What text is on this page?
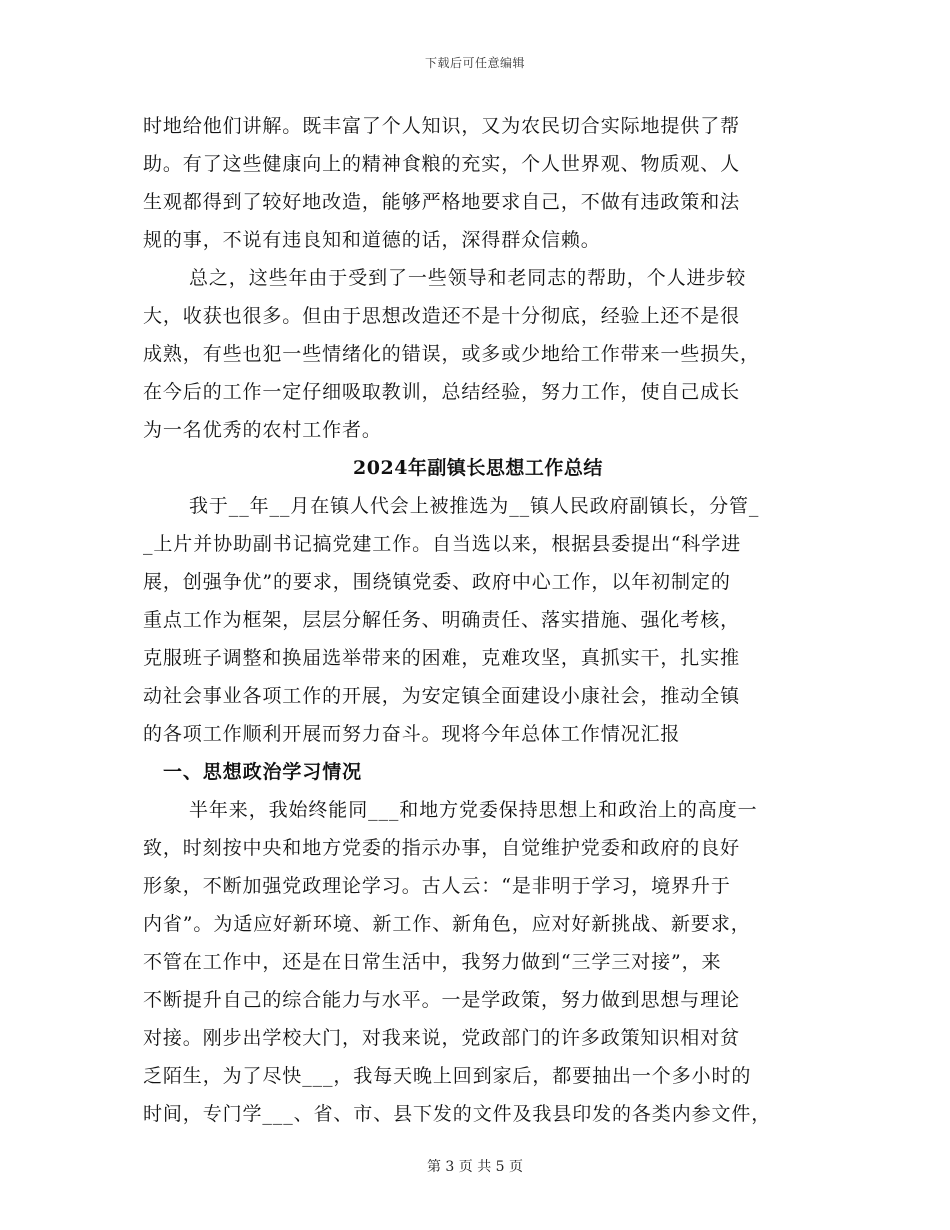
下载后可任意编辑
时地给他们讲解。既丰富了个人知识，又为农民切合实际地提供了帮
助。有了这些健康向上的精神食粮的充实，个人世界观、物质观、人
生观都得到了较好地改造，能够严格地要求自己，不做有违政策和法
规的事，不说有违良知和道德的话，深得群众信赖。
总之，这些年由于受到了一些领导和老同志的帮助，个人进步较
大，收获也很多。但由于思想改造还不是十分彻底，经验上还不是很
成熟，有些也犯一些情绪化的错误，或多或少地给工作带来一些损失，
在今后的工作一定仔细吸取教训，总结经验，努力工作，使自己成长
为一名优秀的农村工作者。
2024年副镇长思想工作总结
我于__年__月在镇人代会上被推选为__镇人民政府副镇长，分管_
_上片并协助副书记搞党建工作。自当选以来，根据县委提出“科学进
展，创强争优”的要求，围绕镇党委、政府中心工作，以年初制定的
重点工作为框架，层层分解任务、明确责任、落实措施、强化考核，
克服班子调整和换届选举带来的困难，克难攻坚，真抓实干，扎实推
动社会事业各项工作的开展，为安定镇全面建设小康社会，推动全镇
的各项工作顺利开展而努力奋斗。现将今年总体工作情况汇报
一、思想政治学习情况
半年来，我始终能同___和地方党委保持思想上和政治上的高度一
致，时刻按中央和地方党委的指示办事，自觉维护党委和政府的良好
形象，不断加强党政理论学习。古人云：“是非明于学习，境界升于
内省”。为适应好新环境、新工作、新角色，应对好新挑战、新要求，
不管在工作中，还是在日常生活中，我努力做到“三学三对接”，来
不断提升自己的综合能力与水平。一是学政策，努力做到思想与理论
对接。刚步出学校大门，对我来说，党政部门的许多政策知识相对贫
乏陌生，为了尽快___，我每天晚上回到家后，都要抽出一个多小时的
时间，专门学___、省、市、县下发的文件及我县印发的各类内参文件，
第 3 页 共 5 页
